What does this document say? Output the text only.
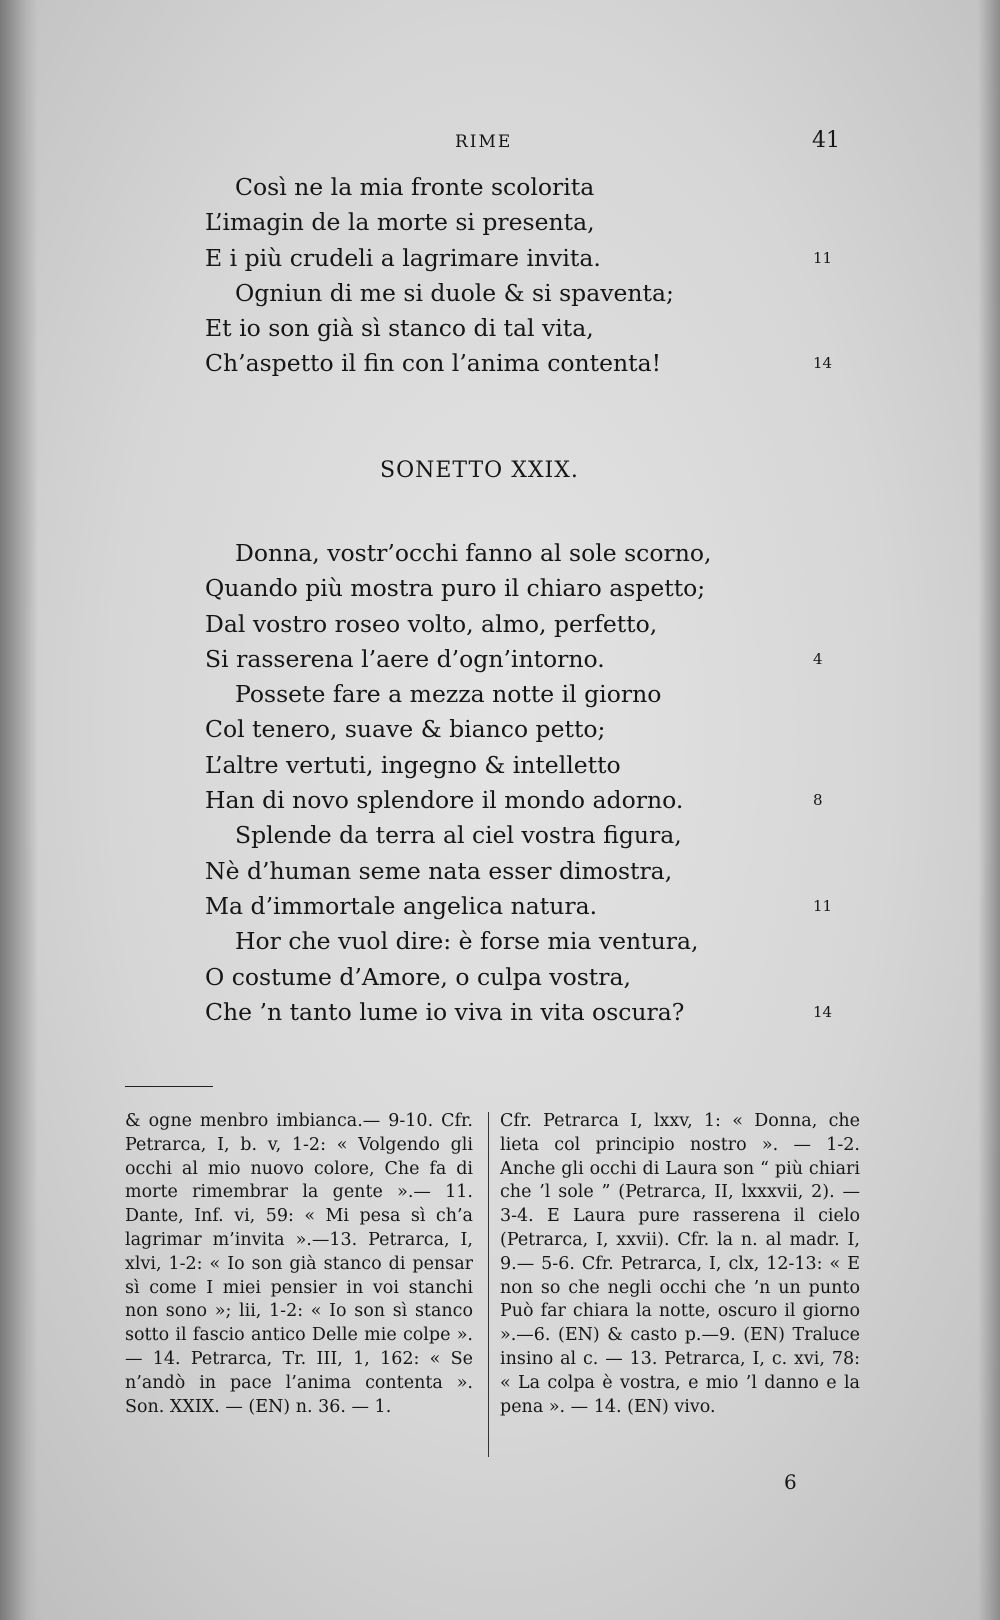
RIME	41
Così ne la mia fronte scolorita
L’imagin de la morte si presenta,
E i più crudeli a lagrimare invita.	11
Ogniun di me si duole & si spaventa;
Et io son già sì stanco di tal vita,
Ch’aspetto il fin con l’anima contenta!	14
SONETTO XXIX.
Donna, vostr’occhi fanno al sole scorno,
Quando più mostra puro il chiaro aspetto;
Dal vostro roseo volto, almo, perfetto,
Si rasserena l’aere d’ogn’intorno.	4
Possete fare a mezza notte il giorno
Col tenero, suave & bianco petto;
L’altre vertuti, ingegno & intelletto
Han di novo splendore il mondo adorno.	8
Splende da terra al ciel vostra figura,
Nè d’human seme nata esser dimostra,
Ma d’immortale angelica natura.	11
Hor che vuol dire: è forse mia ventura,
O costume d’Amore, o culpa vostra,
Che ’n tanto lume io viva in vita oscura?	14
& ogne menbro imbianca.— 9-10. Cfr. Petrarca, I, b. v, 1-2: « Volgendo gli occhi al mio nuovo colore, Che fa di morte rimembrar la gente ».— 11. Dante, Inf. vi, 59: « Mi pesa sì ch’a lagrimar m’invita ».—13. Petrarca, I, xlvi, 1-2: « Io son già stanco di pensar sì come I miei pensier in voi stanchi non sono »; lii, 1-2: « Io son sì stanco sotto il fascio antico Delle mie colpe ». — 14. Petrarca, Tr. III, 1, 162: « Se n’andò in pace l’anima contenta ». Son. XXIX. — (EN) n. 36. — 1.
Cfr. Petrarca I, lxxv, 1: « Donna, che lieta col principio nostro ». — 1-2. Anche gli occhi di Laura son “ più chiari che ’l sole ” (Petrarca, II, lxxxvii, 2). — 3-4. E Laura pure rasserena il cielo (Petrarca, I, xxvii). Cfr. la n. al madr. I, 9.— 5-6. Cfr. Petrarca, I, clx, 12-13: « E non so che negli occhi che ’n un punto Può far chiara la notte, oscuro il giorno ».—6. (EN) & casto p.—9. (EN) Traluce insino al c. — 13. Petrarca, I, c. xvi, 78: « La colpa è vostra, e mio ’l danno e la pena ». — 14. (EN) vivo.
6
